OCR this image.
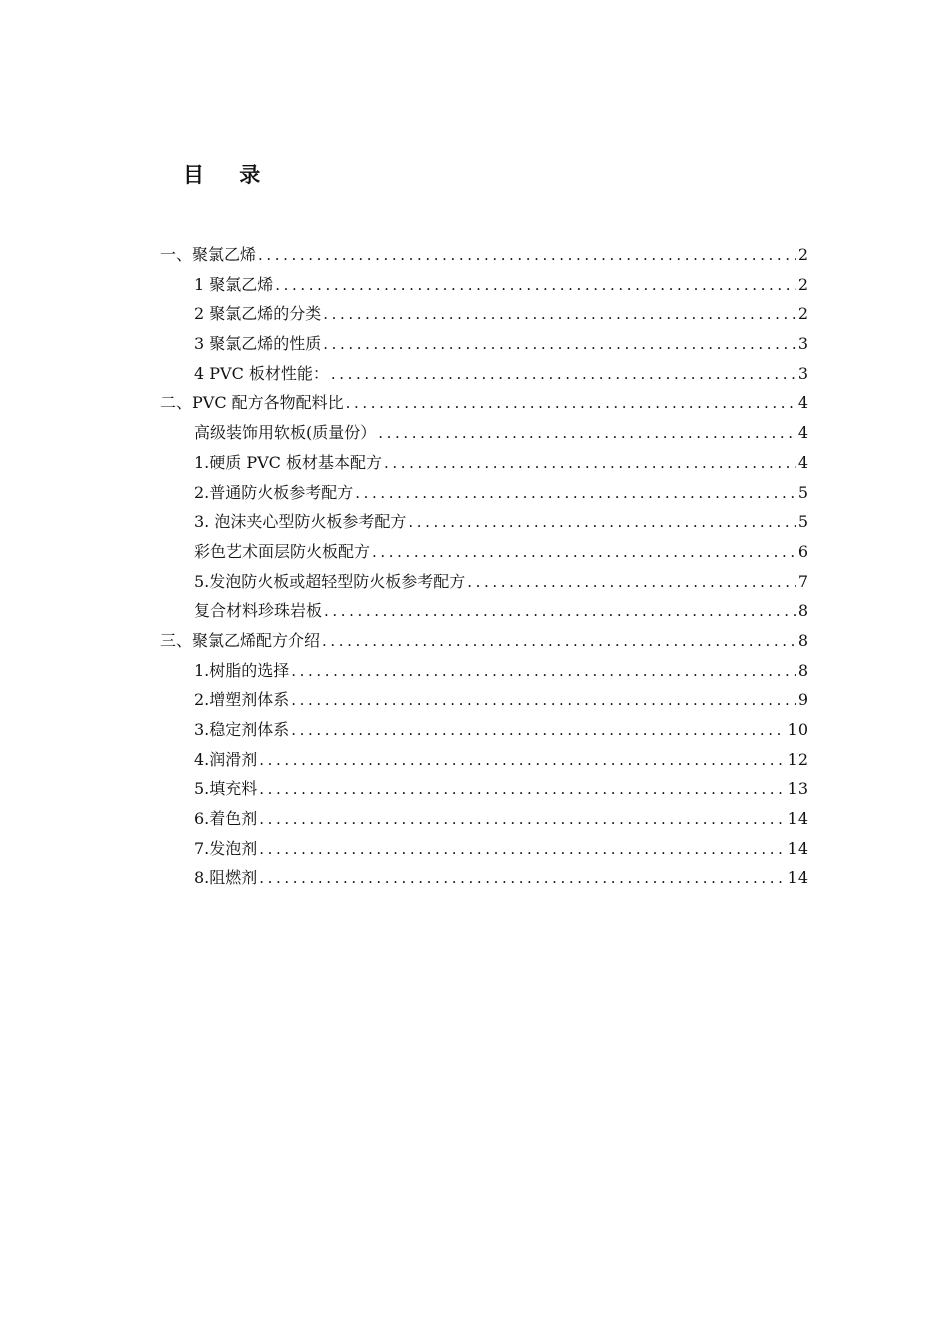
目 录
一、聚氯乙烯 .....	2
1 聚氯乙烯 .....	2
2 聚氯乙烯的分类 .....	2
3 聚氯乙烯的性质 .....	3
4 PVC 板材性能： .....	3
二、PVC 配方各物配料比 .....	4
高级装饰用软板(质量份） .....	4
1.硬质 PVC 板材基本配方 .....	4
2.普通防火板参考配方 .....	5
3. 泡沫夹心型防火板参考配方 .....	5
彩色艺术面层防火板配方 .....	6
5.发泡防火板或超轻型防火板参考配方 .....	7
复合材料珍珠岩板 .....	8
三、聚氯乙烯配方介绍 .....	8
1.树脂的选择 .....	8
2.增塑剂体系 .....	9
3.稳定剂体系 .....	10
4.润滑剂 .....	12
5.填充料 .....	13
6.着色剂 .....	14
7.发泡剂 .....	14
8.阻燃剂 .....	14
